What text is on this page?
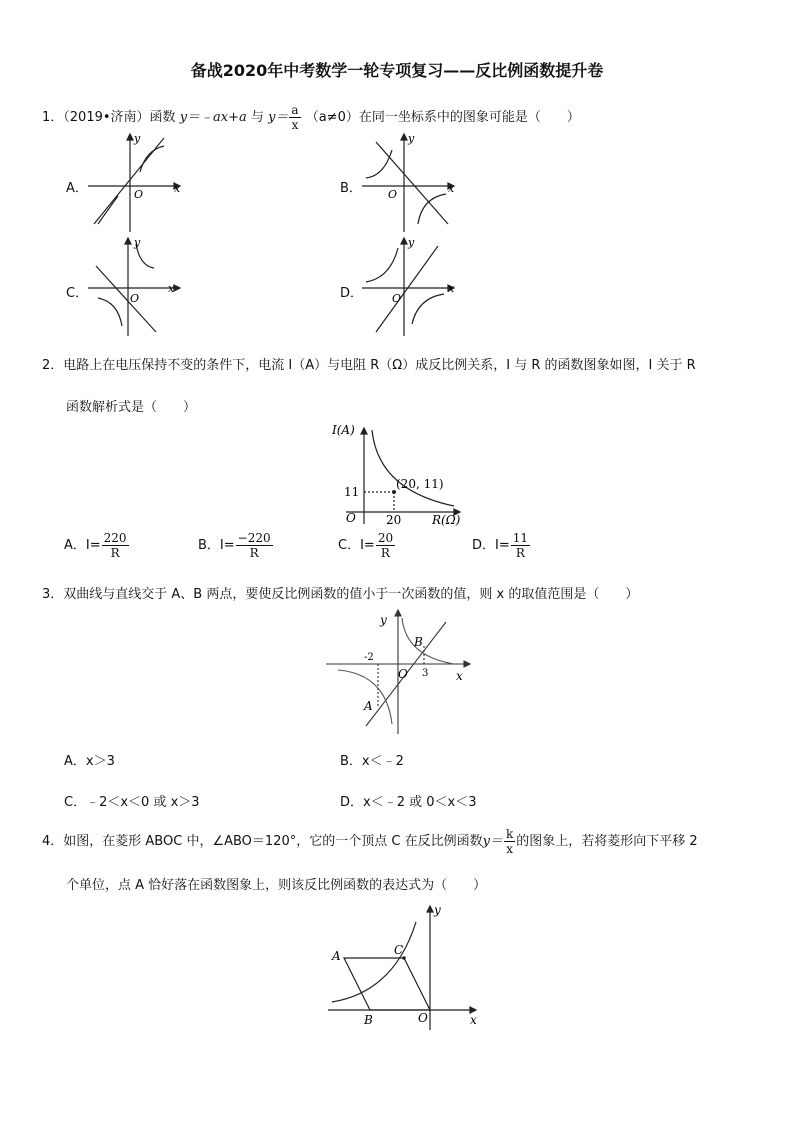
备战2020年中考数学一轮专项复习——反比例函数提升卷
1．（2019•济南）函数 y＝﹣ax+a 与 $y= \frac{a}{x} (a\ne 0)$在同一坐标系中的图象可能是（　　）
A．	B．
C．	D．
y
x
O
y
x
O
y
x
O
y
x
O
2．电路上在电压保持不变的条件下，电流 I（A）与电阻 R（Ω）成反比例关系，I 与 R 的函数图象如图，I 关于 R
函数解析式是（　　）
I(A)
R(Ω)
O
(20, 11)
20
11
A．$I= \frac{220}{R}$	B．$I= \frac{-220}{R}$	C．$I= \frac{20}{R}$	D．$I= \frac{11}{R}$
3．双曲线与直线交于 A、B 两点，要使反比例函数的值小于一次函数的值，则 x 的取值范围是（　　）
y
x
O
B
A
-2
3
A．x＞3	B．x＜﹣2
C．﹣2＜x＜0 或 x＞3	D．x＜﹣2 或 0＜x＜3
4．如图，在菱形 ABOC 中，∠ABO＝120°，它的一个顶点 C 在反比例函数$y= \frac{k}{x}$ 的图象上，若将菱形向下平移 2
个单位，点 A 恰好落在函数图象上，则该反比例函数的表达式为（　　）
y
x
O
A
B
C
